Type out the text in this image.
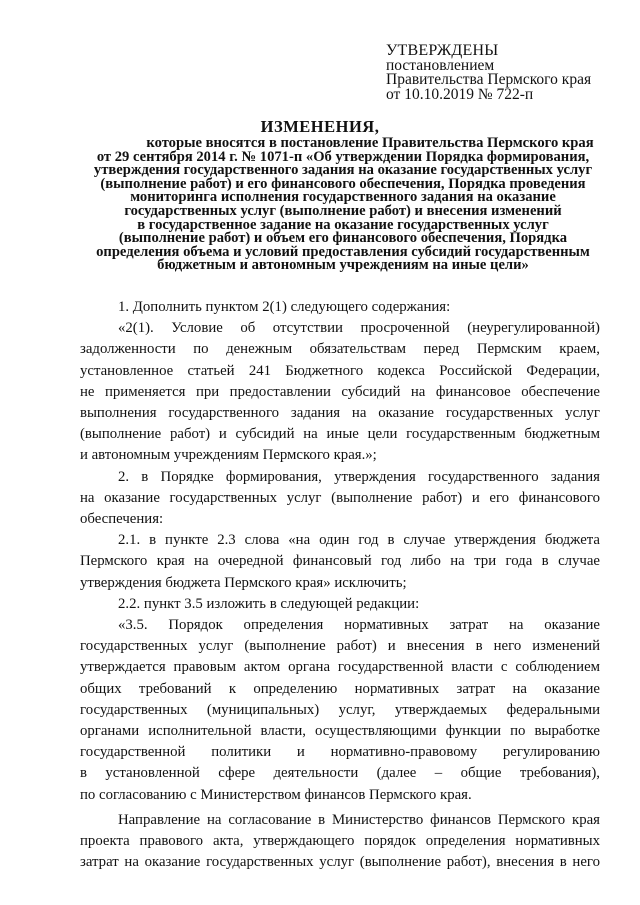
УТВЕРЖДЕНЫ
постановлением
Правительства Пермского края
от 10.10.2019 № 722-п
ИЗМЕНЕНИЯ,
которые вносятся в постановление Правительства Пермского края
от 29 сентября 2014 г. № 1071-п «Об утверждении Порядка формирования,
утверждения государственного задания на оказание государственных услуг
(выполнение работ) и его финансового обеспечения, Порядка проведения
мониторинга исполнения государственного задания на оказание
государственных услуг (выполнение работ) и внесения изменений
в государственное задание на оказание государственных услуг
(выполнение работ) и объем его финансового обеспечения, Порядка
определения объема и условий предоставления субсидий государственным
бюджетным и автономным учреждениям на иные цели»
1. Дополнить пунктом 2(1) следующего содержания:
«2(1). Условие об отсутствии просроченной (неурегулированной)
задолженности по денежным обязательствам перед Пермским краем,
установленное статьей 241 Бюджетного кодекса Российской Федерации,
не применяется при предоставлении субсидий на финансовое обеспечение
выполнения государственного задания на оказание государственных услуг
(выполнение работ) и субсидий на иные цели государственным бюджетным
и автономным учреждениям Пермского края.»;
2. в Порядке формирования, утверждения государственного задания
на оказание государственных услуг (выполнение работ) и его финансового
обеспечения:
2.1. в пункте 2.3 слова «на один год в случае утверждения бюджета
Пермского края на очередной финансовый год либо на три года в случае
утверждения бюджета Пермского края» исключить;
2.2. пункт 3.5 изложить в следующей редакции:
«3.5. Порядок определения нормативных затрат на оказание
государственных услуг (выполнение работ) и внесения в него изменений
утверждается правовым актом органа государственной власти с соблюдением
общих требований к определению нормативных затрат на оказание
государственных (муниципальных) услуг, утверждаемых федеральными
органами исполнительной власти, осуществляющими функции по выработке
государственной политики и нормативно-правовому регулированию
в установленной сфере деятельности (далее – общие требования),
по согласованию с Министерством финансов Пермского края.
Направление на согласование в Министерство финансов Пермского края
проекта правового акта, утверждающего порядок определения нормативных
затрат на оказание государственных услуг (выполнение работ), внесения в него
